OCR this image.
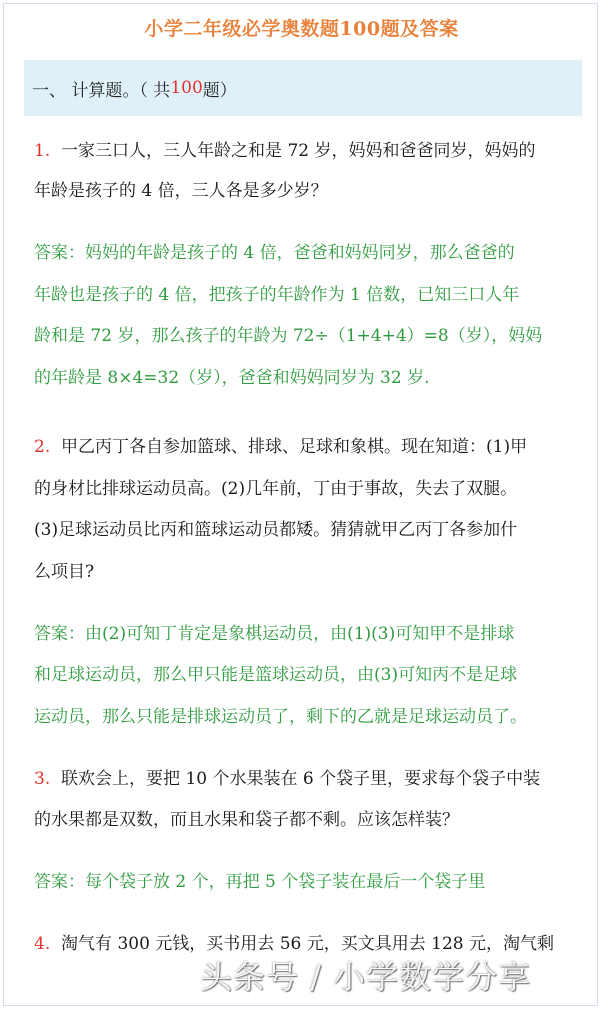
小学二年级必学奥数题100题及答案
一、 计算题。（ 共 100 题）
1. 一家三口人，三人年龄之和是 72 岁，妈妈和爸爸同岁，妈妈的
年龄是孩子的 4 倍，三人各是多少岁？
答案：妈妈的年龄是孩子的 4 倍，爸爸和妈妈同岁，那么爸爸的
年龄也是孩子的 4 倍，把孩子的年龄作为 1 倍数，已知三口人年
龄和是 72 岁，那么孩子的年龄为 72÷（1+4+4）=8（岁），妈妈
的年龄是 8×4=32（岁），爸爸和妈妈同岁为 32 岁.
2. 甲乙丙丁各自参加篮球、排球、足球和象棋。现在知道：(1)甲
的身材比排球运动员高。(2)几年前，丁由于事故，失去了双腿。
(3)足球运动员比丙和篮球运动员都矮。猜猜就甲乙丙丁各参加什
么项目?
答案：由(2)可知丁肯定是象棋运动员，由(1)(3)可知甲不是排球
和足球运动员，那么甲只能是篮球运动员，由(3)可知丙不是足球
运动员，那么只能是排球运动员了，剩下的乙就是足球运动员了。
3. 联欢会上，要把 10 个水果装在 6 个袋子里，要求每个袋子中装
的水果都是双数，而且水果和袋子都不剩。应该怎样装？
答案：每个袋子放 2 个，再把 5 个袋子装在最后一个袋子里
4. 淘气有 300 元钱，买书用去 56 元，买文具用去 128 元，淘气剩
头条号 / 小学数学分享
